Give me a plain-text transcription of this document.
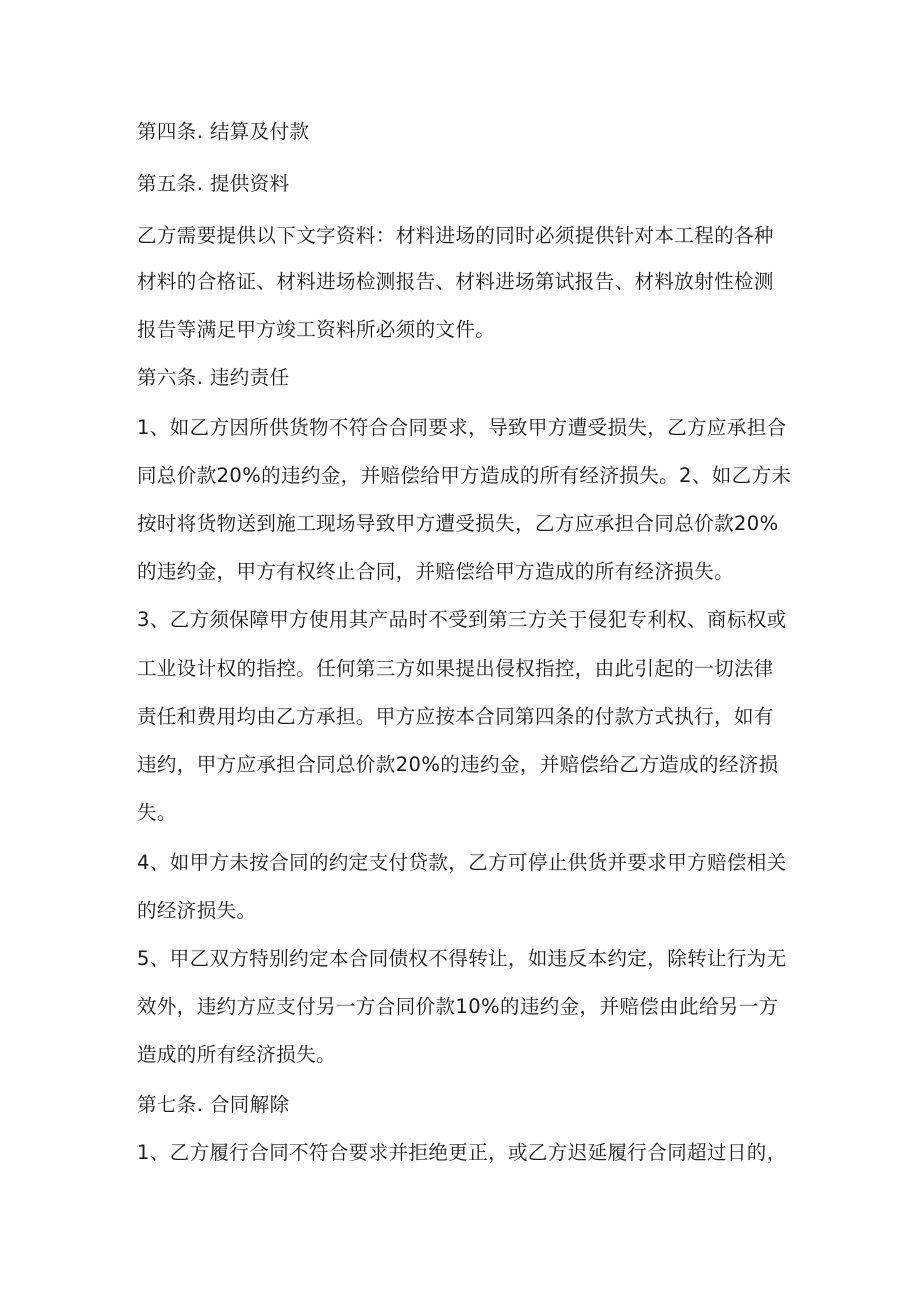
第四条. 结算及付款

第五条. 提供资料

乙方需要提供以下文字资料：材料进场的同时必须提供针对本工程的各种

材料的合格证、材料进场检测报告、材料进场第试报告、材料放射性检测

报告等满足甲方竣工资料所必须的文件。

第六条. 违约责任

1、如乙方因所供货物不符合合同要求，导致甲方遭受损失，乙方应承担合

同总价款20%的违约金，并赔偿给甲方造成的所有经济损失。2、如乙方未

按时将货物送到施工现场导致甲方遭受损失，乙方应承担合同总价款20%

的违约金，甲方有权终止合同，并赔偿给甲方造成的所有经济损失。

3、乙方须保障甲方使用其产品时不受到第三方关于侵犯专利权、商标权或

工业设计权的指控。任何第三方如果提出侵权指控，由此引起的一切法律

责任和费用均由乙方承担。甲方应按本合同第四条的付款方式执行，如有

违约，甲方应承担合同总价款20%的违约金，并赔偿给乙方造成的经济损

失。

4、如甲方未按合同的约定支付贷款，乙方可停止供货并要求甲方赔偿相关

的经济损失。

5、甲乙双方特别约定本合同债权不得转让，如违反本约定，除转让行为无

效外，违约方应支付另一方合同价款10%的违约金，并赔偿由此给另一方

造成的所有经济损失。

第七条. 合同解除

1、乙方履行合同不符合要求并拒绝更正，或乙方迟延履行合同超过日的，
